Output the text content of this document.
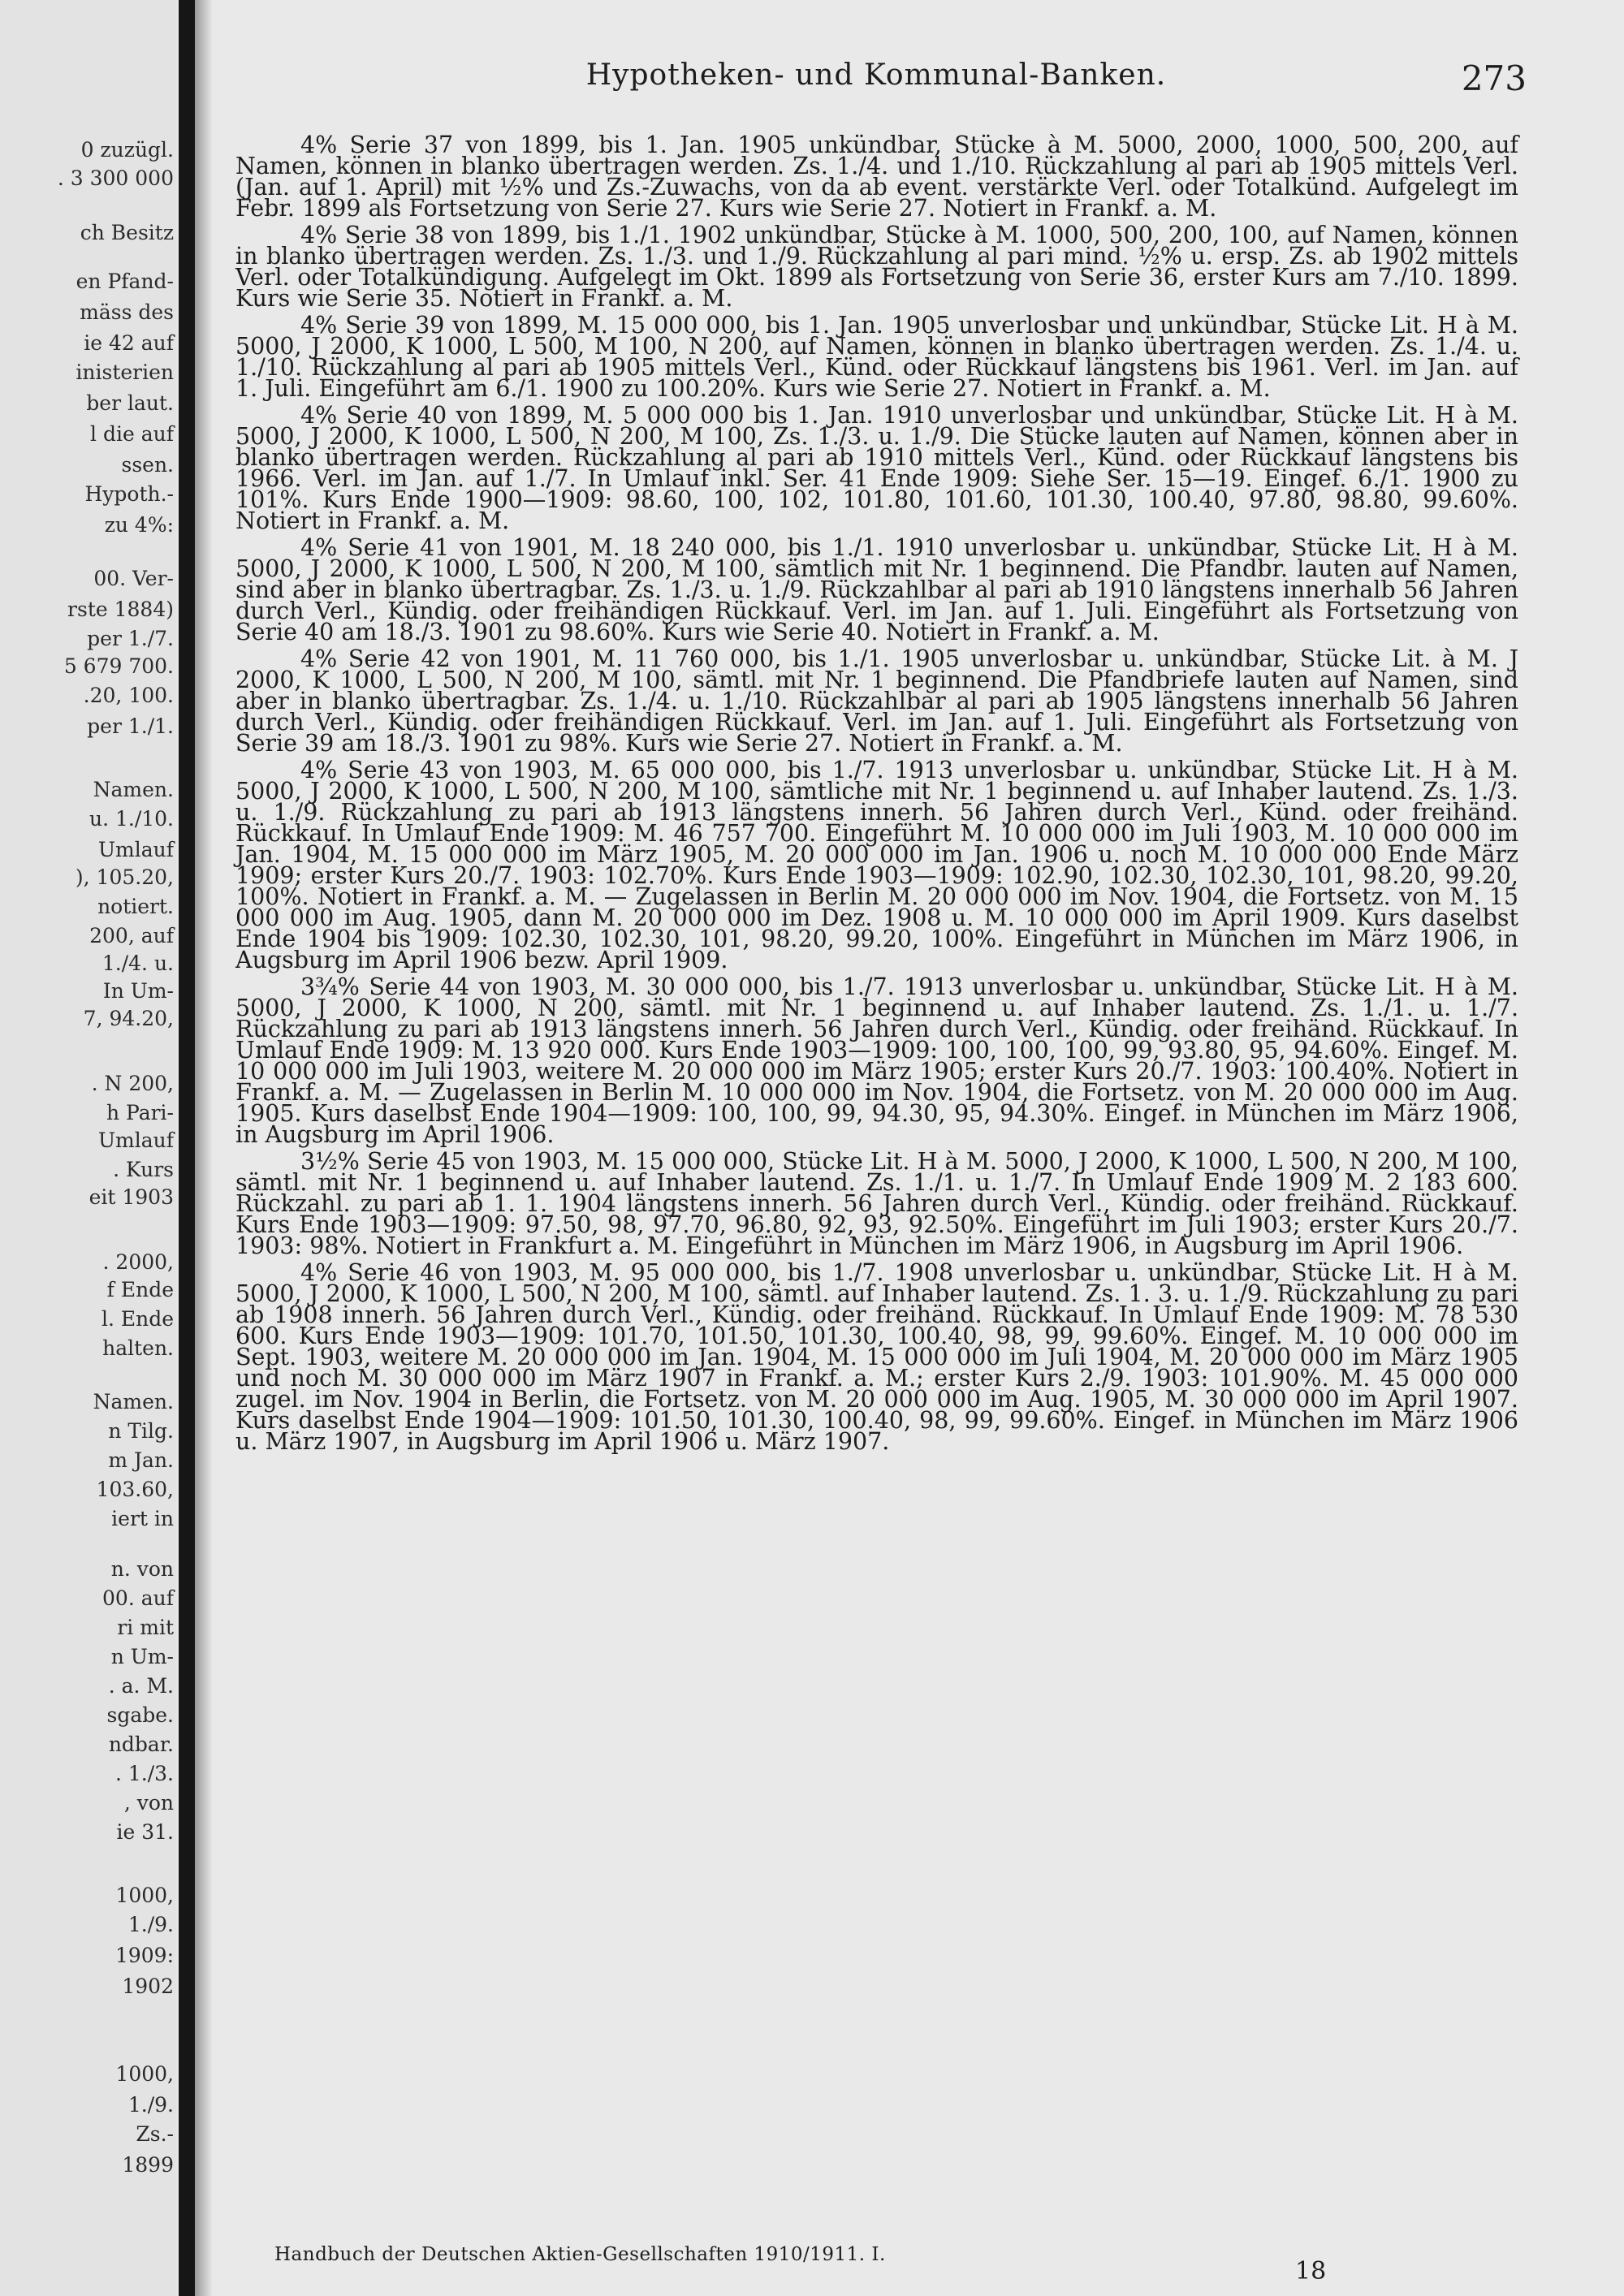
0 zuzügl.
. 3 300 000
ch Besitz
en Pfand-
mäss des
ie 42 auf
inisterien
ber laut.
l die auf
ssen.
Hypoth.-
zu 4%:
00. Ver-
rste 1884)
per 1./7.
5 679 700.
.20, 100.
per 1./1.
Namen.
u. 1./10.
Umlauf
), 105.20,
notiert.
200, auf
1./4. u.
In Um-
7, 94.20,
. N 200,
h Pari-
Umlauf
. Kurs
eit 1903
. 2000,
f Ende
l. Ende
halten.
Namen.
n Tilg.
m Jan.
103.60,
iert in
n. von
00. auf
ri mit
n Um-
. a. M.
sgabe.
ndbar.
. 1./3.
, von
ie 31.
1000,
1./9.
1909:
1902
1000,
1./9.
Zs.-
1899
Hypotheken- und Kommunal-Banken.	273

4% Serie 37 von 1899, bis 1. Jan. 1905 unkündbar, Stücke à M. 5000, 2000, 1000, 500, 200, auf Namen, können in blanko übertragen werden. Zs. 1./4. und 1./10. Rückzahlung al pari ab 1905 mittels Verl. (Jan. auf 1. April) mit ½% und Zs.-Zuwachs, von da ab event. verstärkte Verl. oder Totalkünd. Aufgelegt im Febr. 1899 als Fortsetzung von Serie 27. Kurs wie Serie 27. Notiert in Frankf. a. M.

4% Serie 38 von 1899, bis 1./1. 1902 unkündbar, Stücke à M. 1000, 500, 200, 100, auf Namen, können in blanko übertragen werden. Zs. 1./3. und 1./9. Rückzahlung al pari mind. ½% u. ersp. Zs. ab 1902 mittels Verl. oder Totalkündigung. Aufgelegt im Okt. 1899 als Fortsetzung von Serie 36, erster Kurs am 7./10. 1899. Kurs wie Serie 35. Notiert in Frankf. a. M.

4% Serie 39 von 1899, M. 15 000 000, bis 1. Jan. 1905 unverlosbar und unkündbar, Stücke Lit. H à M. 5000, J 2000, K 1000, L 500, M 100, N 200, auf Namen, können in blanko übertragen werden. Zs. 1./4. u. 1./10. Rückzahlung al pari ab 1905 mittels Verl., Künd. oder Rückkauf längstens bis 1961. Verl. im Jan. auf 1. Juli. Eingeführt am 6./1. 1900 zu 100.20%. Kurs wie Serie 27. Notiert in Frankf. a. M.

4% Serie 40 von 1899, M. 5 000 000 bis 1. Jan. 1910 unverlosbar und unkündbar, Stücke Lit. H à M. 5000, J 2000, K 1000, L 500, N 200, M 100, Zs. 1./3. u. 1./9. Die Stücke lauten auf Namen, können aber in blanko übertragen werden. Rückzahlung al pari ab 1910 mittels Verl., Künd. oder Rückkauf längstens bis 1966. Verl. im Jan. auf 1./7. In Umlauf inkl. Ser. 41 Ende 1909: Siehe Ser. 15—19. Eingef. 6./1. 1900 zu 101%. Kurs Ende 1900—1909: 98.60, 100, 102, 101.80, 101.60, 101.30, 100.40, 97.80, 98.80, 99.60%. Notiert in Frankf. a. M.

4% Serie 41 von 1901, M. 18 240 000, bis 1./1. 1910 unverlosbar u. unkündbar, Stücke Lit. H à M. 5000, J 2000, K 1000, L 500, N 200, M 100, sämtlich mit Nr. 1 beginnend. Die Pfandbr. lauten auf Namen, sind aber in blanko übertragbar. Zs. 1./3. u. 1./9. Rückzahlbar al pari ab 1910 längstens innerhalb 56 Jahren durch Verl., Kündig. oder freihändigen Rückkauf. Verl. im Jan. auf 1. Juli. Eingeführt als Fortsetzung von Serie 40 am 18./3. 1901 zu 98.60%. Kurs wie Serie 40. Notiert in Frankf. a. M.

4% Serie 42 von 1901, M. 11 760 000, bis 1./1. 1905 unverlosbar u. unkündbar, Stücke Lit. à M. J 2000, K 1000, L 500, N 200, M 100, sämtl. mit Nr. 1 beginnend. Die Pfandbriefe lauten auf Namen, sind aber in blanko übertragbar. Zs. 1./4. u. 1./10. Rückzahlbar al pari ab 1905 längstens innerhalb 56 Jahren durch Verl., Kündig. oder freihändigen Rückkauf. Verl. im Jan. auf 1. Juli. Eingeführt als Fortsetzung von Serie 39 am 18./3. 1901 zu 98%. Kurs wie Serie 27. Notiert in Frankf. a. M.

4% Serie 43 von 1903, M. 65 000 000, bis 1./7. 1913 unverlosbar u. unkündbar, Stücke Lit. H à M. 5000, J 2000, K 1000, L 500, N 200, M 100, sämtliche mit Nr. 1 beginnend u. auf Inhaber lautend. Zs. 1./3. u. 1./9. Rückzahlung zu pari ab 1913 längstens innerh. 56 Jahren durch Verl., Künd. oder freihänd. Rückkauf. In Umlauf Ende 1909: M. 46 757 700. Eingeführt M. 10 000 000 im Juli 1903, M. 10 000 000 im Jan. 1904, M. 15 000 000 im März 1905, M. 20 000 000 im Jan. 1906 u. noch M. 10 000 000 Ende März 1909; erster Kurs 20./7. 1903: 102.70%. Kurs Ende 1903—1909: 102.90, 102.30, 102.30, 101, 98.20, 99.20, 100%. Notiert in Frankf. a. M. — Zugelassen in Berlin M. 20 000 000 im Nov. 1904, die Fortsetz. von M. 15 000 000 im Aug. 1905, dann M. 20 000 000 im Dez. 1908 u. M. 10 000 000 im April 1909. Kurs daselbst Ende 1904 bis 1909: 102.30, 102.30, 101, 98.20, 99.20, 100%. Eingeführt in München im März 1906, in Augsburg im April 1906 bezw. April 1909.

3¾% Serie 44 von 1903, M. 30 000 000, bis 1./7. 1913 unverlosbar u. unkündbar, Stücke Lit. H à M. 5000, J 2000, K 1000, N 200, sämtl. mit Nr. 1 beginnend u. auf Inhaber lautend. Zs. 1./1. u. 1./7. Rückzahlung zu pari ab 1913 längstens innerh. 56 Jahren durch Verl., Kündig. oder freihänd. Rückkauf. In Umlauf Ende 1909: M. 13 920 000. Kurs Ende 1903—1909: 100, 100, 100, 99, 93.80, 95, 94.60%. Eingef. M. 10 000 000 im Juli 1903, weitere M. 20 000 000 im März 1905; erster Kurs 20./7. 1903: 100.40%. Notiert in Frankf. a. M. — Zugelassen in Berlin M. 10 000 000 im Nov. 1904, die Fortsetz. von M. 20 000 000 im Aug. 1905. Kurs daselbst Ende 1904—1909: 100, 100, 99, 94.30, 95, 94.30%. Eingef. in München im März 1906, in Augsburg im April 1906.

3½% Serie 45 von 1903, M. 15 000 000, Stücke Lit. H à M. 5000, J 2000, K 1000, L 500, N 200, M 100, sämtl. mit Nr. 1 beginnend u. auf Inhaber lautend. Zs. 1./1. u. 1./7. In Umlauf Ende 1909 M. 2 183 600. Rückzahl. zu pari ab 1. 1. 1904 längstens innerh. 56 Jahren durch Verl., Kündig. oder freihänd. Rückkauf. Kurs Ende 1903—1909: 97.50, 98, 97.70, 96.80, 92, 93, 92.50%. Eingeführt im Juli 1903; erster Kurs 20./7. 1903: 98%. Notiert in Frankfurt a. M. Eingeführt in München im März 1906, in Augsburg im April 1906.

4% Serie 46 von 1903, M. 95 000 000, bis 1./7. 1908 unverlosbar u. unkündbar, Stücke Lit. H à M. 5000, J 2000, K 1000, L 500, N 200, M 100, sämtl. auf Inhaber lautend. Zs. 1. 3. u. 1./9. Rückzahlung zu pari ab 1908 innerh. 56 Jahren durch Verl., Kündig. oder freihänd. Rückkauf. In Umlauf Ende 1909: M. 78 530 600. Kurs Ende 1903—1909: 101.70, 101.50, 101.30, 100.40, 98, 99, 99.60%. Eingef. M. 10 000 000 im Sept. 1903, weitere M. 20 000 000 im Jan. 1904, M. 15 000 000 im Juli 1904, M. 20 000 000 im März 1905 und noch M. 30 000 000 im März 1907 in Frankf. a. M.; erster Kurs 2./9. 1903: 101.90%. M. 45 000 000 zugel. im Nov. 1904 in Berlin, die Fortsetz. von M. 20 000 000 im Aug. 1905, M. 30 000 000 im April 1907. Kurs daselbst Ende 1904—1909: 101.50, 101.30, 100.40, 98, 99, 99.60%. Eingef. in München im März 1906 u. März 1907, in Augsburg im April 1906 u. März 1907.

Handbuch der Deutschen Aktien-Gesellschaften 1910/1911. I.
18
